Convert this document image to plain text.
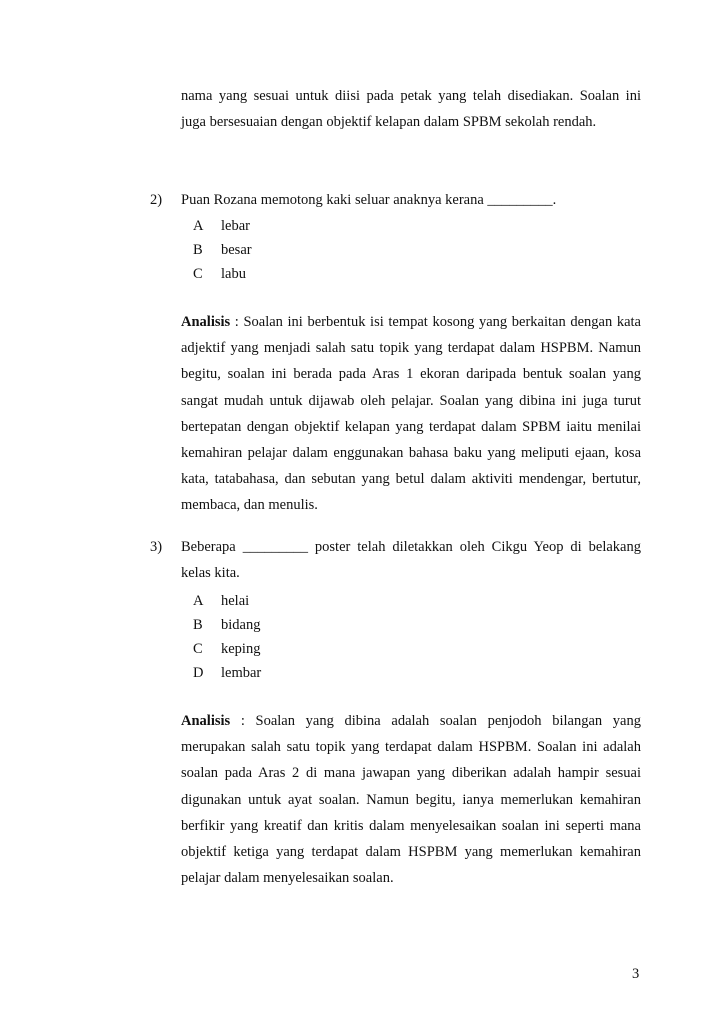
nama yang sesuai untuk diisi pada petak yang telah disediakan. Soalan ini
juga bersesuaian dengan objektif kelapan dalam SPBM sekolah rendah.
2) Puan Rozana memotong kaki seluar anaknya kerana _________.
A lebar
B besar
C labu
Analisis : Soalan ini berbentuk isi tempat kosong yang berkaitan dengan kata
adjektif yang menjadi salah satu topik yang terdapat dalam HSPBM. Namun
begitu, soalan ini berada pada Aras 1 ekoran daripada bentuk soalan yang
sangat mudah untuk dijawab oleh pelajar. Soalan yang dibina ini juga turut
bertepatan dengan objektif kelapan yang terdapat dalam SPBM iaitu menilai
kemahiran pelajar dalam enggunakan bahasa baku yang meliputi ejaan, kosa
kata, tatabahasa, dan sebutan yang betul dalam aktiviti mendengar, bertutur,
membaca, dan menulis.
3) Beberapa _________ poster telah diletakkan oleh Cikgu Yeop di belakang
kelas kita.
A helai
B bidang
C keping
D lembar
Analisis : Soalan yang dibina adalah soalan penjodoh bilangan yang
merupakan salah satu topik yang terdapat dalam HSPBM. Soalan ini adalah
soalan pada Aras 2 di mana jawapan yang diberikan adalah hampir sesuai
digunakan untuk ayat soalan. Namun begitu, ianya memerlukan kemahiran
berfikir yang kreatif dan kritis dalam menyelesaikan soalan ini seperti mana
objektif ketiga yang terdapat dalam HSPBM yang memerlukan kemahiran
pelajar dalam menyelesaikan soalan.
3
